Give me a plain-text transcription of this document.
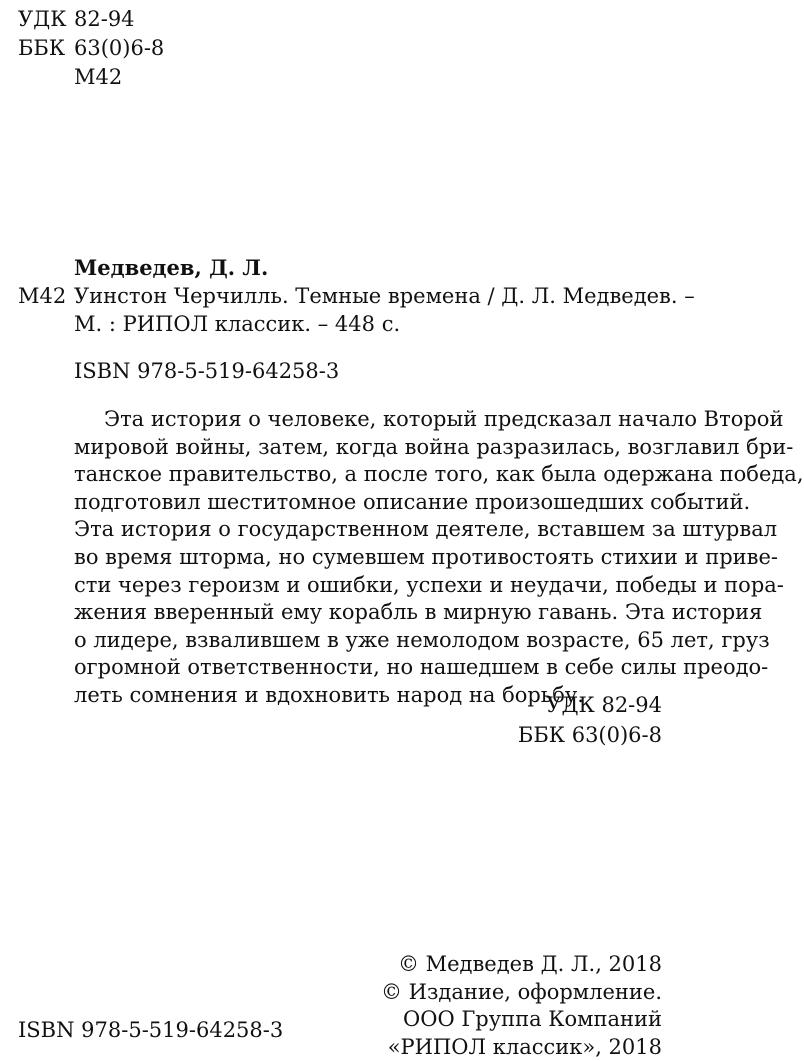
УДК 82-94
ББК 63(0)6-8
М42
Медведев, Д. Л.
М42 Уинстон Черчилль. Темные времена / Д. Л. Медведев. –
М. : РИПОЛ классик. – 448 с.
ISBN 978-5-519-64258-3
Эта история о человеке, который предсказал начало Второй
мировой войны, затем, когда война разразилась, возглавил бри-
танское правительство, а после того, как была одержана победа,
подготовил шеститомное описание произошедших событий.
Эта история о государственном деятеле, вставшем за штурвал
во время шторма, но сумевшем противостоять стихии и приве-
сти через героизм и ошибки, успехи и неудачи, победы и пора-
жения вверенный ему корабль в мирную гавань. Эта история
о лидере, взвалившем в уже немолодом возрасте, 65 лет, груз
огромной ответственности, но нашедшем в себе силы преодо-
леть сомнения и вдохновить народ на борьбу.
УДК 82-94
ББК 63(0)6-8
© Медведев Д. Л., 2018
© Издание, оформление.
ООО Группа Компаний
«РИПОЛ классик», 2018
ISBN 978-5-519-64258-3
